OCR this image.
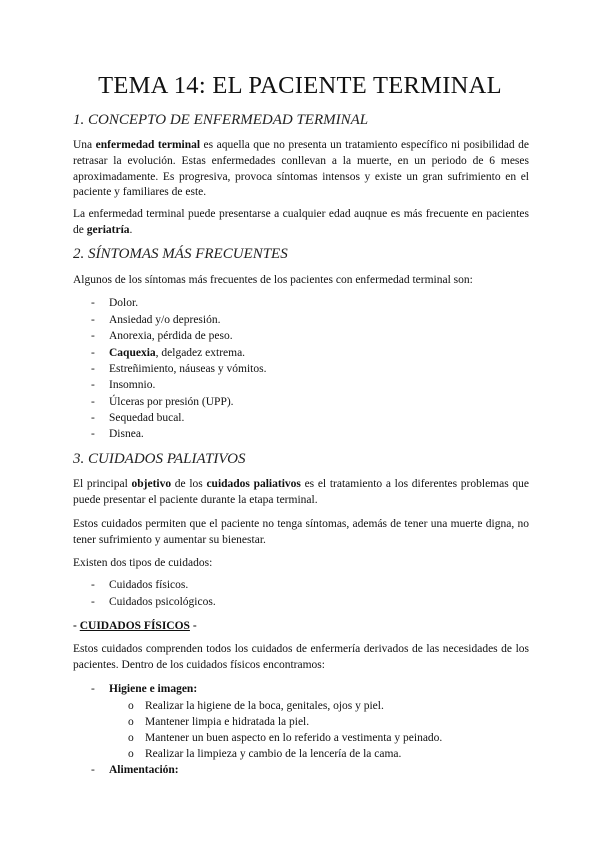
TEMA 14: EL PACIENTE TERMINAL
1. CONCEPTO DE ENFERMEDAD TERMINAL

Una enfermedad terminal es aquella que no presenta un tratamiento específico ni posibilidad de retrasar la evolución. Estas enfermedades conllevan a la muerte, en un periodo de 6 meses aproximadamente. Es progresiva, provoca síntomas intensos y existe un gran sufrimiento en el paciente y familiares de este.

La enfermedad terminal puede presentarse a cualquier edad auqnue es más frecuente en pacientes de geriatría.

2. SÍNTOMAS MÁS FRECUENTES

Algunos de los síntomas más frecuentes de los pacientes con enfermedad terminal son:

- Dolor.
- Ansiedad y/o depresión.
- Anorexia, pérdida de peso.
- Caquexia, delgadez extrema.
- Estreñimiento, náuseas y vómitos.
- Insomnio.
- Úlceras por presión (UPP).
- Sequedad bucal.
- Disnea.
3. CUIDADOS PALIATIVOS

El principal objetivo de los cuidados paliativos es el tratamiento a los diferentes problemas que puede presentar el paciente durante la etapa terminal.

Estos cuidados permiten que el paciente no tenga síntomas, además de tener una muerte digna, no tener sufrimiento y aumentar su bienestar.

Existen dos tipos de cuidados:

- Cuidados físicos.
- Cuidados psicológicos.

- CUIDADOS FÍSICOS -

Estos cuidados comprenden todos los cuidados de enfermería derivados de las necesidades de los pacientes. Dentro de los cuidados físicos encontramos:

- Higiene e imagen:
o Realizar la higiene de la boca, genitales, ojos y piel.
o Mantener limpia e hidratada la piel.
o Mantener un buen aspecto en lo referido a vestimenta y peinado.
o Realizar la limpieza y cambio de la lencería de la cama.
- Alimentación:
